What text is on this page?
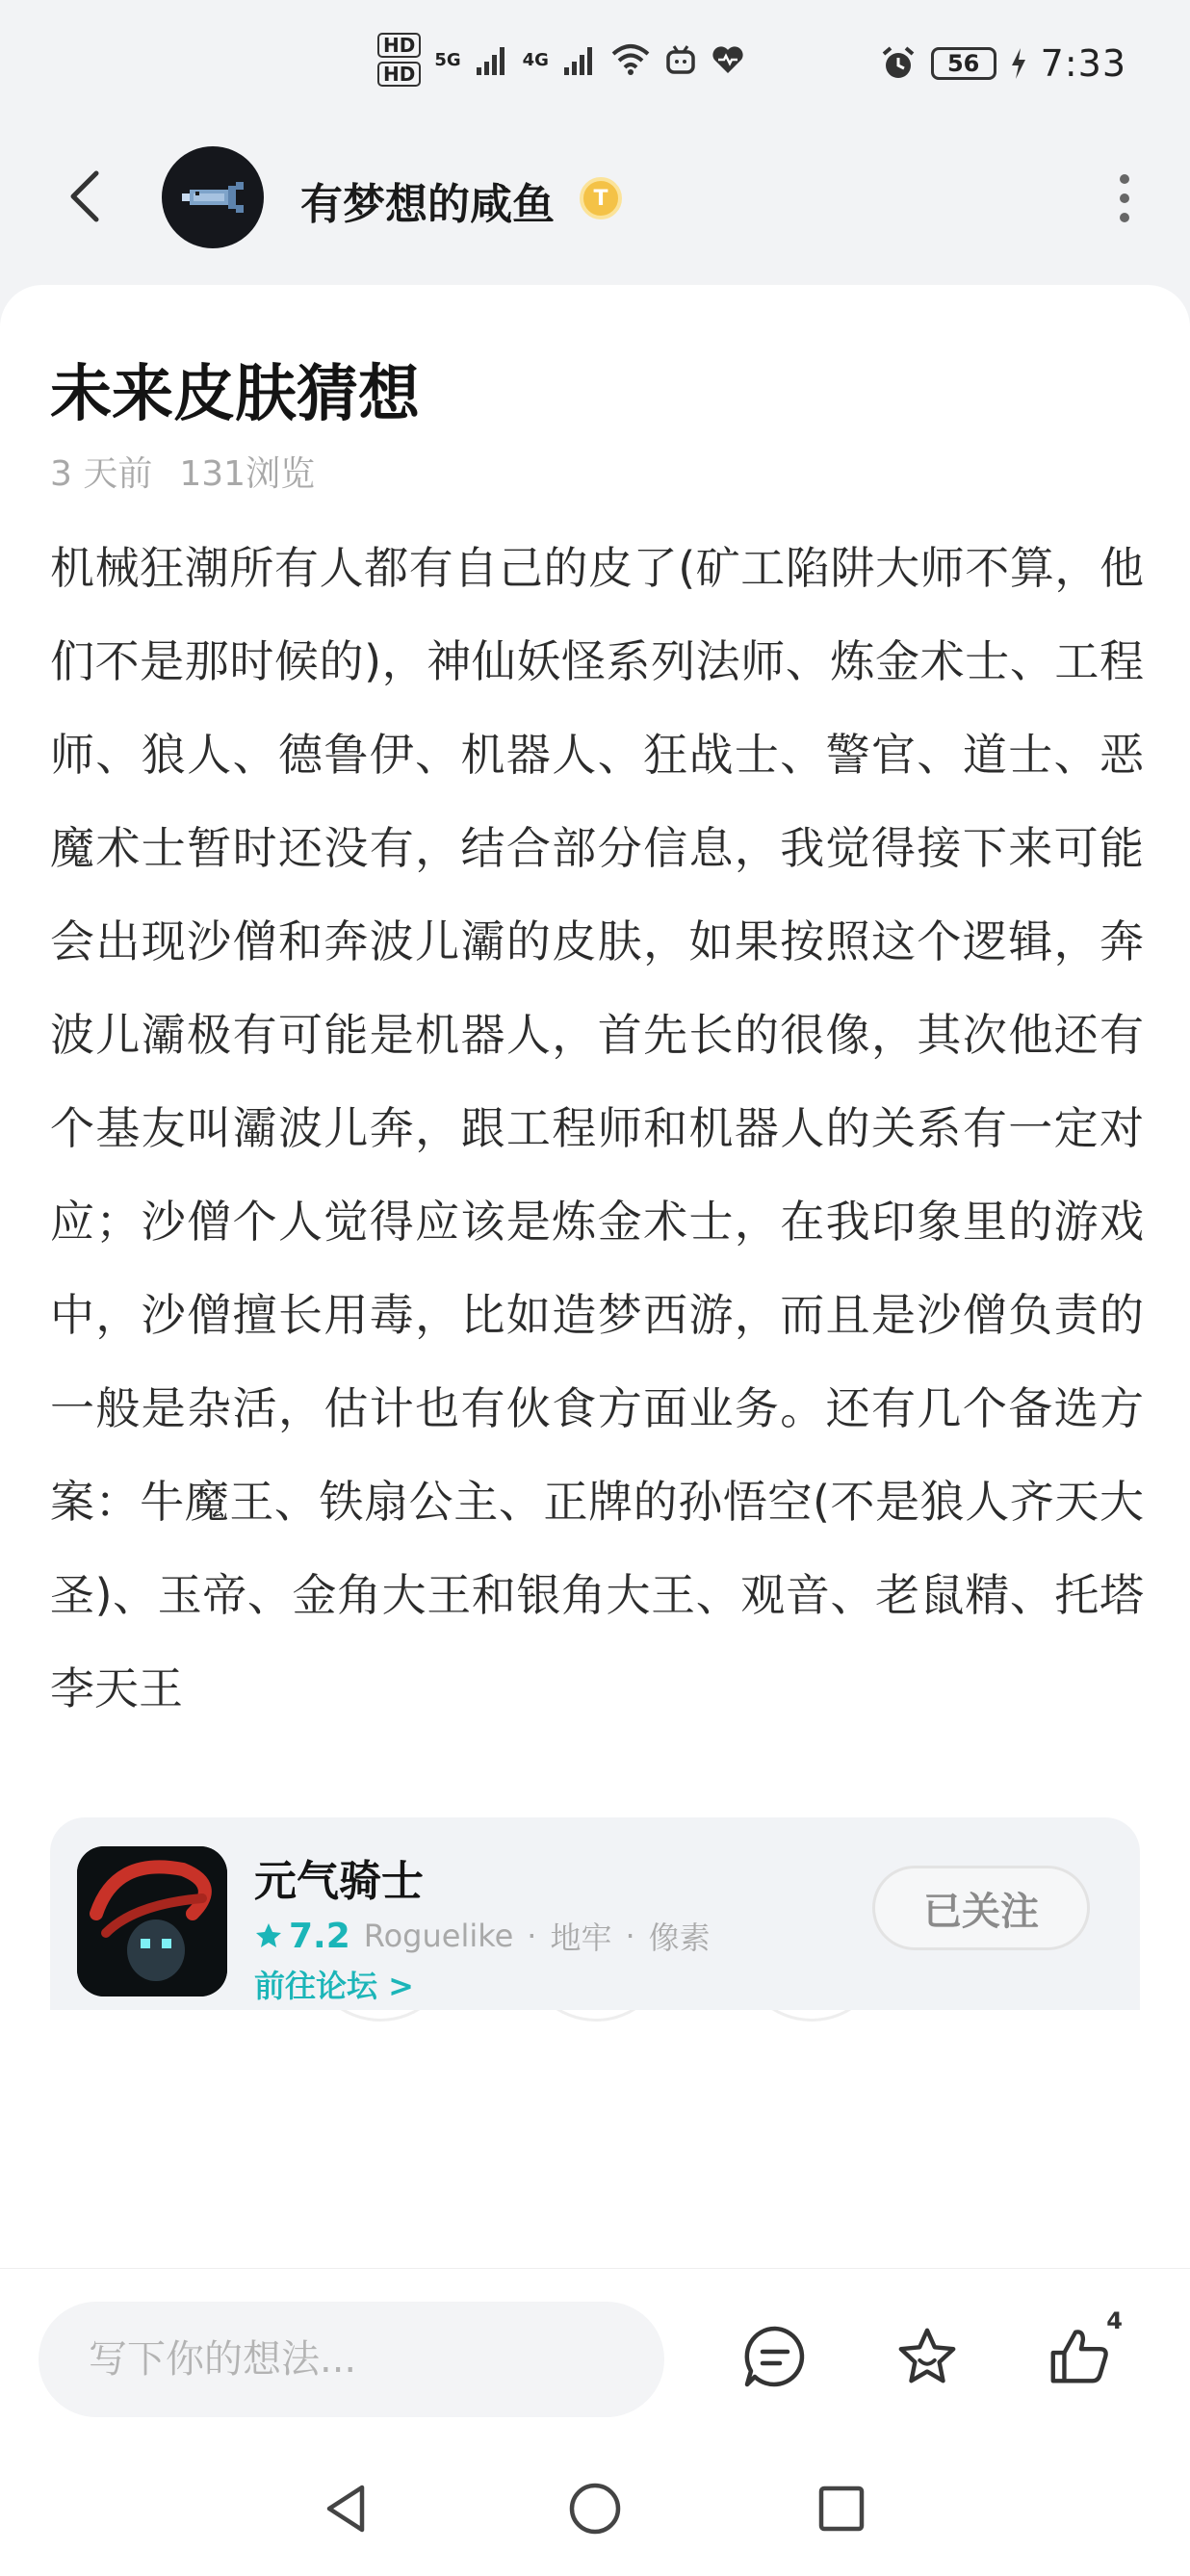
HD
HD
5G	4G	56	7:33
有梦想的咸鱼	T
未来皮肤猜想
3 天前 131浏览

机械狂潮所有人都有自己的皮了(矿工陷阱大师不算，他们不是那时候的)，神仙妖怪系列法师、炼金术士、工程师、狼人、德鲁伊、机器人、狂战士、警官、道士、恶魔术士暂时还没有，结合部分信息，我觉得接下来可能会出现沙僧和奔波儿灞的皮肤，如果按照这个逻辑，奔波儿灞极有可能是机器人，首先长的很像，其次他还有个基友叫灞波儿奔，跟工程师和机器人的关系有一定对应；沙僧个人觉得应该是炼金术士，在我印象里的游戏中，沙僧擅长用毒，比如造梦西游，而且是沙僧负责的一般是杂活，估计也有伙食方面业务。还有几个备选方案：牛魔王、铁扇公主、正牌的孙悟空(不是狼人齐天大圣)、玉帝、金角大王和银角大王、观音、老鼠精、托塔李天王

元气骑士
7.2 Roguelike · 地牢 · 像素
前往论坛 >
已关注
写下你的想法...
4
